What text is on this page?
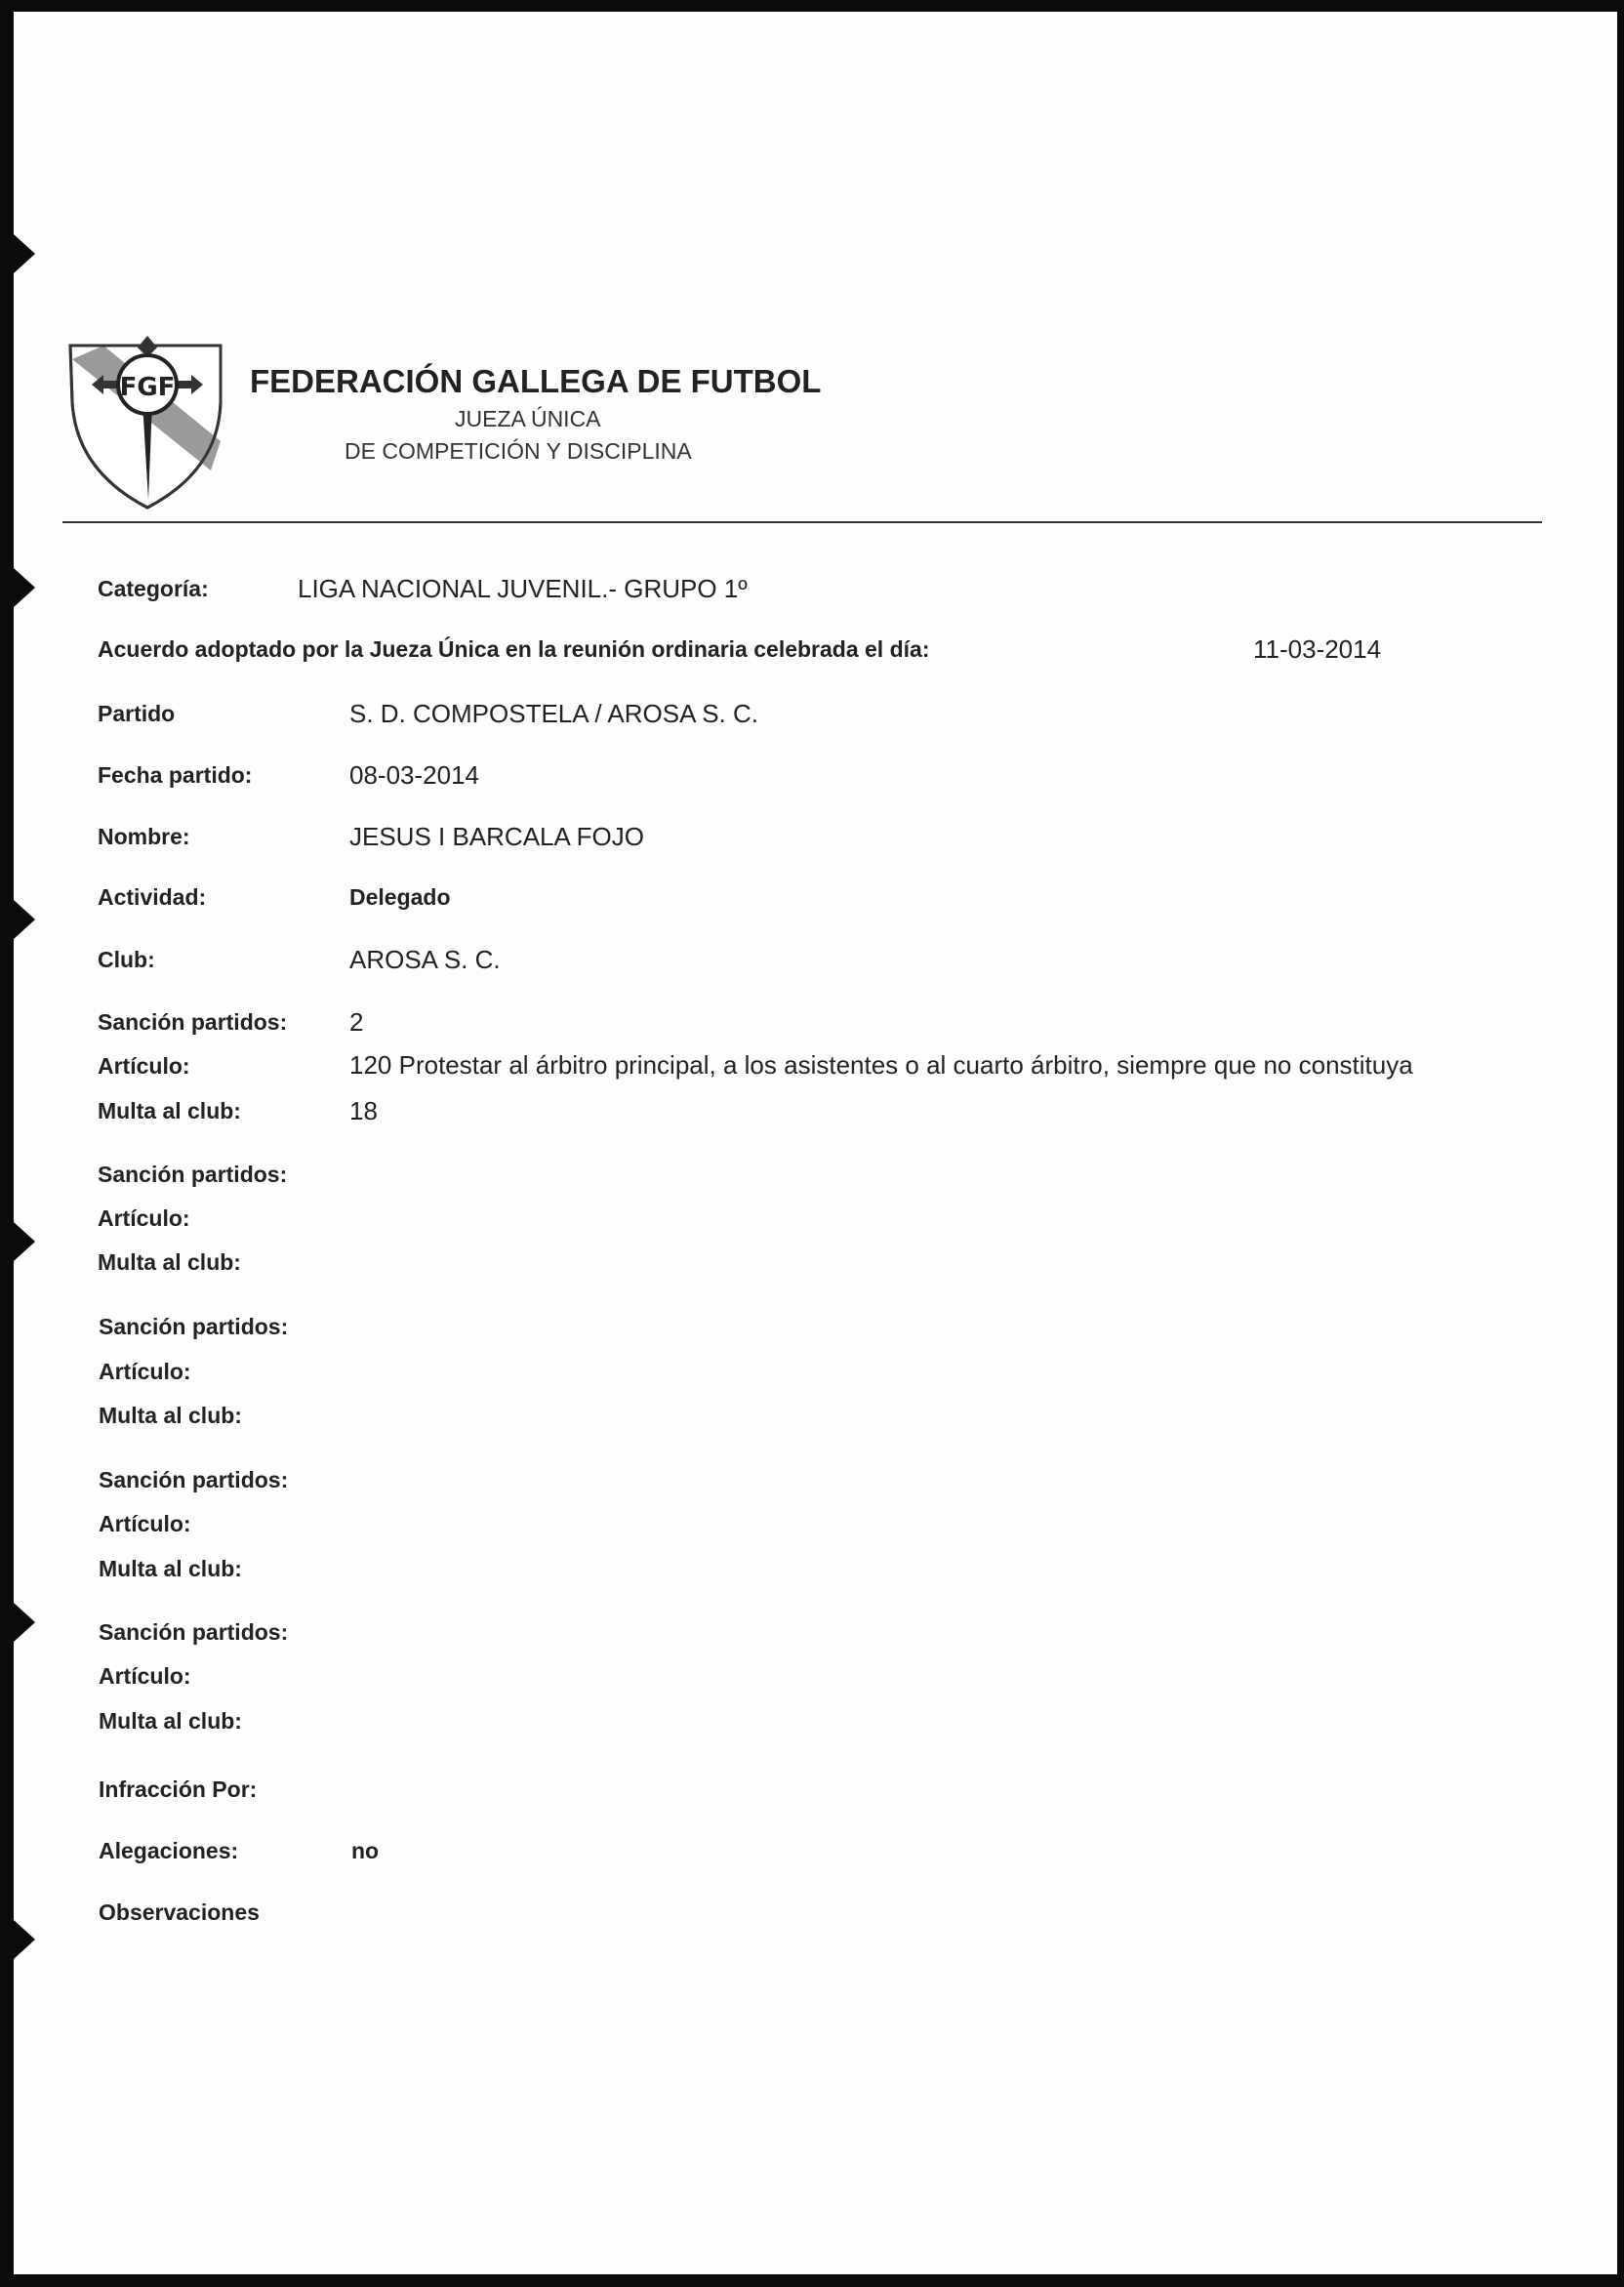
FGF FEDERACIÓN GALLEGA DE FUTBOL
JUEZA ÚNICA
DE COMPETICIÓN Y DISCIPLINA
Categoría:	LIGA NACIONAL JUVENIL.- GRUPO 1º
Acuerdo adoptado por la Jueza Única en la reunión ordinaria celebrada el día:	11-03-2014
Partido	S. D. COMPOSTELA / AROSA S. C.
Fecha partido:	08-03-2014
Nombre:	JESUS I BARCALA FOJO
Actividad:	Delegado
Club:	AROSA S. C.
Sanción partidos: 2
Artículo:	120 Protestar al árbitro principal, a los asistentes o al cuarto árbitro, siempre que no constituya
Multa al club:	18
Sanción partidos:
Artículo:
Multa al club:
Sanción partidos:
Artículo:
Multa al club:
Sanción partidos:
Artículo:
Multa al club:
Sanción partidos:
Artículo:
Multa al club:
Infracción Por:
Alegaciones:	no
Observaciones
